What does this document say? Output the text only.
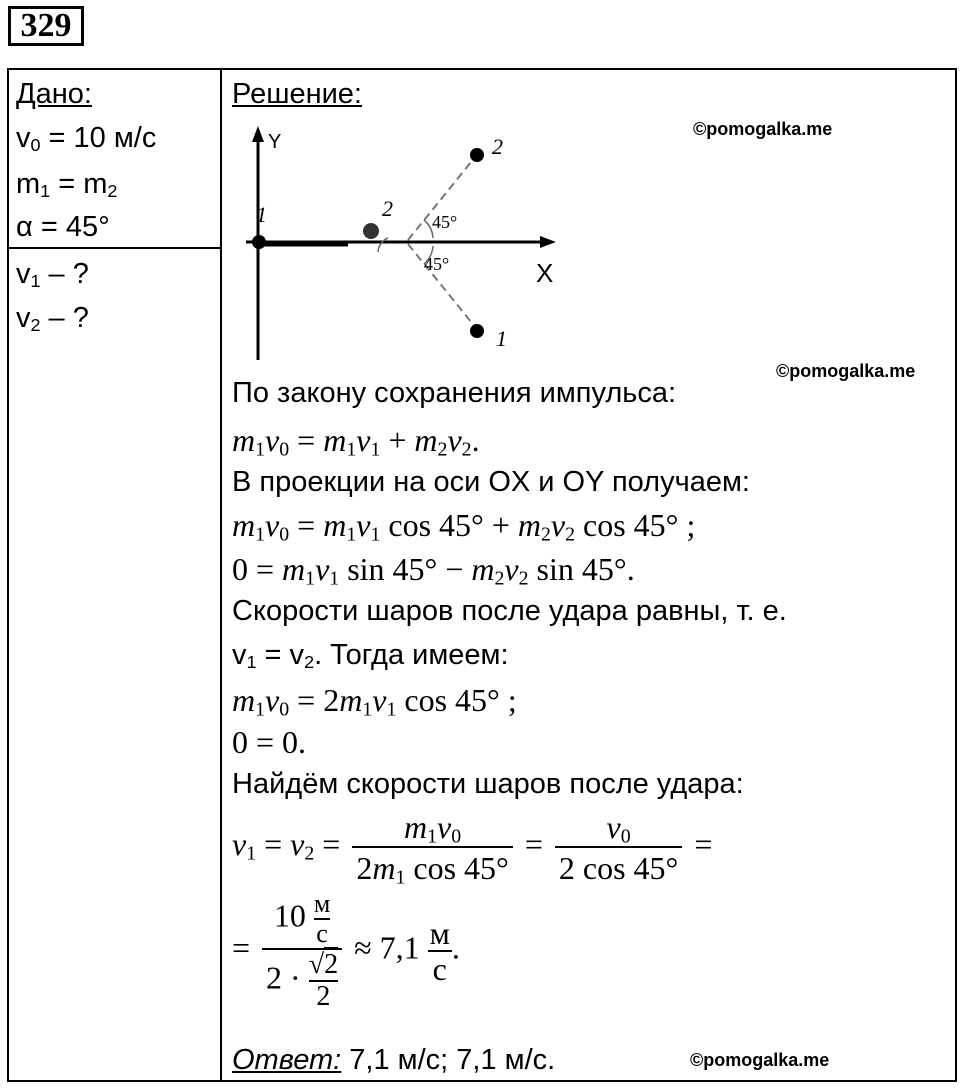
329
Дано:
$v_0 = 10$ м/с
$m_1 = m_2$
α = 45°
$v_1$ – ?
$v_2$ – ?
Решение:
©pomogalka.me
©pomogalka.me
©pomogalka.me
Y
X
1	2
2
1
45°
45°
По закону сохранения импульса:
$m_1v_0 = m_1v_1 + m_2v_2$.
В проекции на оси OX и OY получаем:
$m_1v_0 = m_1v_1$ $\cos 45^\circ + m_2v_2$ cos 45° ;
$0 = m_1v_1$ $\sin 45^\circ - m_2v_2$ sin 45°.
Скорости шаров после удара равны, т. е.
$v_1 = v_2$. Тогда имеем:
$m_1v_0 = 2m_1v_1$ cos 45° ;
0 = 0.
Найдём скорости шаров после удара:
$v_1 = v_2 = \frac{m_1v_0}{2m_1 \cos 45^\circ} = \frac{v_0}{2 \cos 45^\circ}$ =
= 10 м
с
$2 \cdot \frac{√2}{2} \approx 7,1$ м
с
.
Ответ: 7,1 м/с; 7,1 м/с.
